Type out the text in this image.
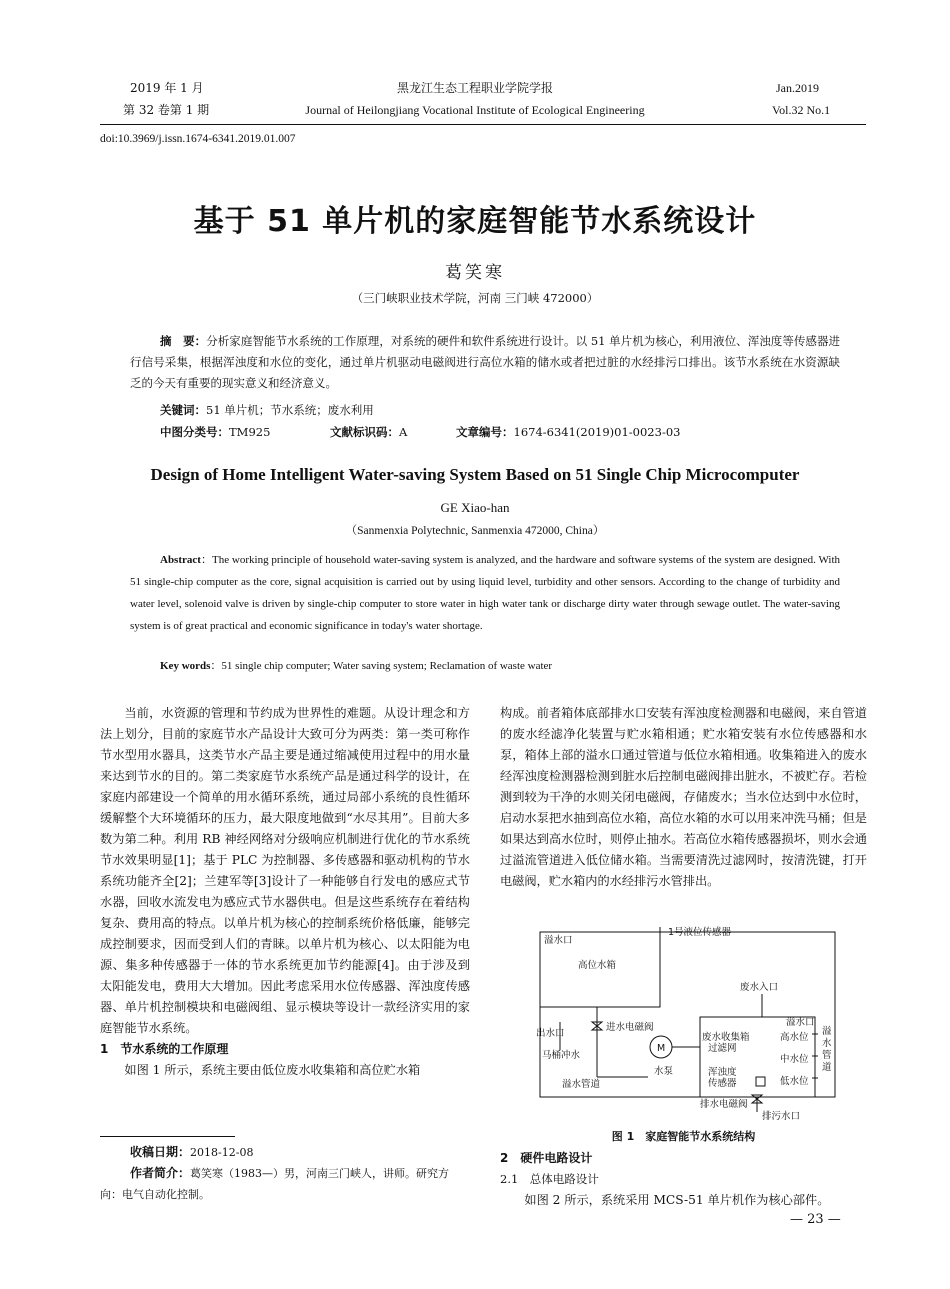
2019 年 1 月
第 32 卷第 1 期
黑龙江生态工程职业学院学报
Journal of Heilongjiang Vocational Institute of Ecological Engineering
Jan.2019
Vol.32 No.1
doi:10.3969/j.issn.1674-6341.2019.01.007
基于 51 单片机的家庭智能节水系统设计
葛笑寒
（三门峡职业技术学院，河南 三门峡 472000）
摘　要：分析家庭智能节水系统的工作原理，对系统的硬件和软件系统进行设计。以 51 单片机为核心，利用液位、浑浊度等传感器进行信号采集，根据浑浊度和水位的变化，通过单片机驱动电磁阀进行高位水箱的储水或者把过脏的水经排污口排出。该节水系统在水资源缺乏的今天有重要的现实意义和经济意义。
关键词：51 单片机；节水系统；废水利用
中图分类号：TM925	文献标识码：A	文章编号：1674-6341(2019)01-0023-03
Design of Home Intelligent Water-saving System Based on 51 Single Chip Microcomputer
GE Xiao-han
（Sanmenxia Polytechnic, Sanmenxia 472000, China）
Abstract：The working principle of household water-saving system is analyzed, and the hardware and software systems of the system are designed. With 51 single-chip computer as the core, signal acquisition is carried out by using liquid level, turbidity and other sensors. According to the change of turbidity and water level, solenoid valve is driven by single-chip computer to store water in high water tank or discharge dirty water through sewage outlet. The water-saving system is of great practical and economic significance in today's water shortage.
Key words：51 single chip computer; Water saving system; Reclamation of waste water

当前，水资源的管理和节约成为世界性的难题。从设计理念和方法上划分，目前的家庭节水产品设计大致可分为两类：第一类可称作节水型用水器具，这类节水产品主要是通过缩减使用过程中的用水量来达到节水的目的。第二类家庭节水系统产品是通过科学的设计，在家庭内部建设一个简单的用水循环系统，通过局部小系统的良性循环缓解整个大环境循环的压力，最大限度地做到“水尽其用”。目前大多数为第二种。利用 RB 神经网络对分级响应机制进行优化的节水系统节水效果明显[1]；基于 PLC 为控制器、多传感器和驱动机构的节水系统功能齐全[2]；兰建军等[3]设计了一种能够自行发电的感应式节水器，回收水流发电为感应式节水器供电。但是这些系统存在着结构复杂、费用高的特点。以单片机为核心的控制系统价格低廉，能够完成控制要求，因而受到人们的青睐。以单片机为核心、以太阳能为电源、集多种传感器于一体的节水系统更加节约能源[4]。由于涉及到太阳能发电，费用大大增加。因此考虑采用水位传感器、浑浊度传感器、单片机控制模块和电磁阀组、显示模块等设计一款经济实用的家庭智能节水系统。

1　节水系统的工作原理

如图 1 所示，系统主要由低位废水收集箱和高位贮水箱

收稿日期：2018-12-08
作者简介：葛笑寒（1983—）男，河南三门峡人，讲师。研究方向：电气自动化控制。

构成。前者箱体底部排水口安装有浑浊度检测器和电磁阀，来自管道的废水经滤净化装置与贮水箱相通；贮水箱安装有水位传感器和水泵，箱体上部的溢水口通过管道与低位水箱相通。收集箱进入的废水经浑浊度检测器检测到脏水后控制电磁阀排出脏水，不被贮存。若检测到较为干净的水则关闭电磁阀，存储废水；当水位达到中水位时，启动水泵把水抽到高位水箱，高位水箱的水可以用来冲洗马桶；但是如果达到高水位时，则停止抽水。若高位水箱传感器损坏，则水会通过溢流管道进入低位储水箱。当需要清洗过滤网时，按清洗键，打开电磁阀，贮水箱内的水经排污水管排出。

溢水口
1号液位传感器
高位水箱
废水入口
出水口
进水电磁阀
马桶冲水
溢水口
废水收集箱
过滤网
高水位
中水位
低水位
浑浊度
传感器
溢水管道
M
水泵
排水电磁阀
溢水管道
排污水口
图 1　家庭智能节水系统结构
2　硬件电路设计
2.1　总体电路设计

如图 2 所示，系统采用 MCS-51 单片机作为核心部件。

— 23 —
